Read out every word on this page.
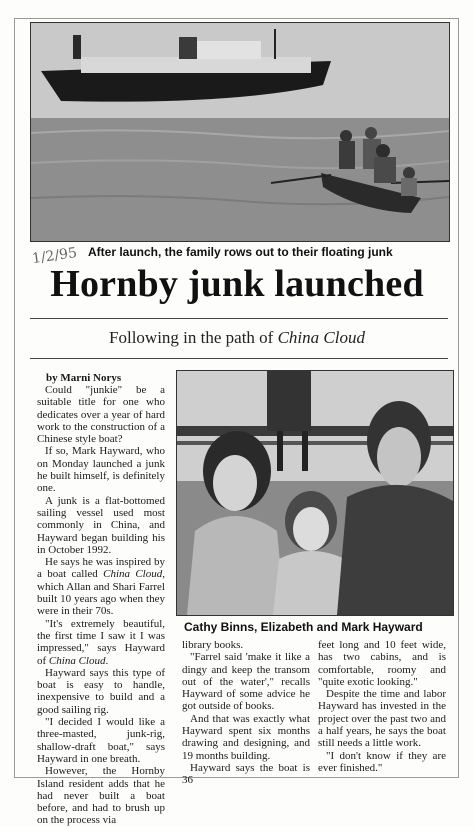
1/2/95 After launch, the family rows out to their floating junk
Hornby junk launched
Following in the path of China Cloud
by Marni Norys

Could "junkie" be a suitable title for one who dedicates over a year of hard work to the construction of a Chinese style boat?

If so, Mark Hayward, who on Monday launched a junk he built himself, is definitely one.

A junk is a flat-bottomed sailing vessel used most commonly in China, and Hayward began building his in October 1992.

He says he was inspired by a boat called China Cloud, which Allan and Shari Farrel built 10 years ago when they were in their 70s.

"It's extremely beautiful, the first time I saw it I was impressed," says Hayward of China Cloud.

Hayward says this type of boat is easy to handle, inexpensive to build and a good sailing rig.

"I decided I would like a three-masted, junk-rig, shallow-draft boat," says Hayward in one breath.

However, the Hornby Island resident adds that he had never built a boat before, and had to brush up on the process via

Cathy Binns, Elizabeth and Mark Hayward

library books.

"Farrel said 'make it like a dingy and keep the transom out of the water'," recalls Hayward of some advice he got outside of books.

And that was exactly what Hayward spent six months drawing and designing, and 19 months building.

Hayward says the boat is 36

feet long and 10 feet wide, has two cabins, and is comfortable, roomy and "quite exotic looking."

Despite the time and labor Hayward has invested in the project over the past two and a half years, he says the boat still needs a little work.

"I don't know if they are ever finished."
